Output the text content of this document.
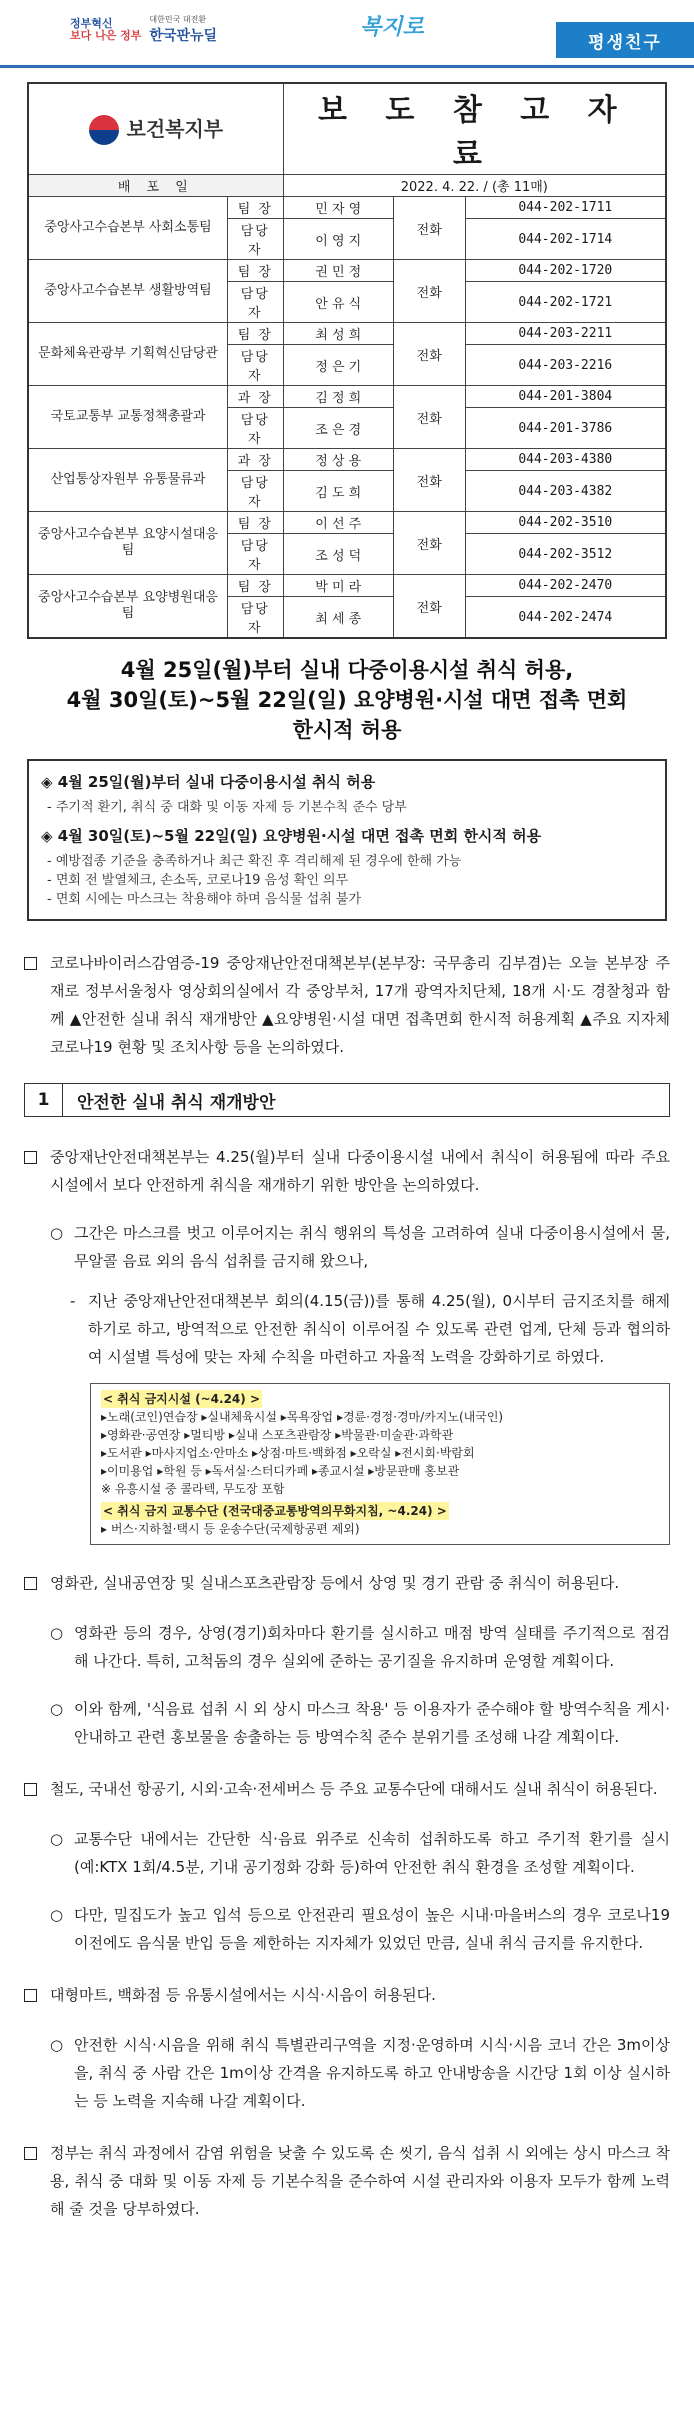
정부혁신
보다 나은 정부
대한민국 대전환
한국판뉴딜	복지로
평생친구
보건복지부		보 도 참 고 자 료		
배 포 일		2022. 4. 22. / (총 11매)		
중앙사고수습본부 사회소통팀	팀 장	민 자 영	전화	044-202-1711
	담당자	이 영 지		044-202-1714
중앙사고수습본부 생활방역팀	팀 장	권 민 정	전화	044-202-1720
	담당자	안 유 식		044-202-1721
문화체육관광부 기획혁신담당관	팀 장	최 성 희	전화	044-203-2211
	담당자	정 은 기		044-203-2216
국토교통부 교통정책총괄과	과 장	김 정 희	전화	044-201-3804
	담당자	조 은 경		044-201-3786
산업통상자원부 유통물류과	과 장	정 상 용	전화	044-203-4380
	담당자	김 도 희		044-203-4382
중앙사고수습본부 요양시설대응팀	팀 장	이 선 주	전화	044-202-3510
	담당자	조 성 덕		044-202-3512
중앙사고수습본부 요양병원대응팀	팀 장	박 미 라	전화	044-202-2470
	담당자	최 세 종		044-202-2474
4월 25일(월)부터 실내 다중이용시설 취식 허용,
4월 30일(토)~5월 22일(일) 요양병원·시설 대면 접촉 면회
한시적 허용
◈ 4월 25일(월)부터 실내 다중이용시설 취식 허용
- 주기적 환기, 취식 중 대화 및 이동 자제 등 기본수칙 준수 당부
◈ 4월 30일(토)~5월 22일(일) 요양병원·시설 대면 접촉 면회 한시적 허용
- 예방접종 기준을 충족하거나 최근 확진 후 격리해제 된 경우에 한해 가능
- 면회 전 발열체크, 손소독, 코로나19 음성 확인 의무
- 면회 시에는 마스크는 착용해야 하며 음식물 섭취 불가
코로나바이러스감염증-19 중앙재난안전대책본부(본부장: 국무총리 김부겸)는 오늘 본부장 주재로 정부서울청사 영상회의실에서 각 중앙부처, 17개 광역자치단체, 18개 시·도 경찰청과 함께 ▲안전한 실내 취식 재개방안 ▲요양병원·시설 대면 접촉면회 한시적 허용계획 ▲주요 지자체 코로나19 현황 및 조치사항 등을 논의하였다.
1	안전한 실내 취식 재개방안
중앙재난안전대책본부는 4.25(월)부터 실내 다중이용시설 내에서 취식이 허용됨에 따라 주요 시설에서 보다 안전하게 취식을 재개하기 위한 방안을 논의하였다.
○ 그간은 마스크를 벗고 이루어지는 취식 행위의 특성을 고려하여 실내 다중이용시설에서 물, 무알콜 음료 외의 음식 섭취를 금지해 왔으나,
- 지난 중앙재난안전대책본부 회의(4.15(금))를 통해 4.25(월), 0시부터 금지조치를 해제하기로 하고, 방역적으로 안전한 취식이 이루어질 수 있도록 관련 업계, 단체 등과 협의하여 시설별 특성에 맞는 자체 수칙을 마련하고 자율적 노력을 강화하기로 하였다.
< 취식 금지시설 (~4.24) >
▸노래(코인)연습장 ▸실내체육시설 ▸목욕장업 ▸경륜·경정·경마/카지노(내국인)
▸영화관·공연장 ▸멀티방 ▸실내 스포츠관람장 ▸박물관·미술관·과학관
▸도서관 ▸마사지업소·안마소 ▸상점·마트·백화점 ▸오락실 ▸전시회·박람회
▸이미용업 ▸학원 등 ▸독서실·스터디카페 ▸종교시설 ▸방문판매 홍보관
※ 유흥시설 중 콜라텍, 무도장 포함
< 취식 금지 교통수단 (전국대중교통방역의무화지침, ~4.24) >
▸ 버스·지하철·택시 등 운송수단(국제항공편 제외)
영화관, 실내공연장 및 실내스포츠관람장 등에서 상영 및 경기 관람 중 취식이 허용된다.
○ 영화관 등의 경우, 상영(경기)회차마다 환기를 실시하고 매점 방역 실태를 주기적으로 점검해 나간다. 특히, 고척돔의 경우 실외에 준하는 공기질을 유지하며 운영할 계획이다.
○ 이와 함께, '식음료 섭취 시 외 상시 마스크 착용' 등 이용자가 준수해야 할 방역수칙을 게시·안내하고 관련 홍보물을 송출하는 등 방역수칙 준수 분위기를 조성해 나갈 계획이다.
철도, 국내선 항공기, 시외·고속·전세버스 등 주요 교통수단에 대해서도 실내 취식이 허용된다.
○ 교통수단 내에서는 간단한 식·음료 위주로 신속히 섭취하도록 하고 주기적 환기를 실시(예:KTX 1회/4.5분, 기내 공기정화 강화 등)하여 안전한 취식 환경을 조성할 계획이다.
○ 다만, 밀집도가 높고 입석 등으로 안전관리 필요성이 높은 시내·마을버스의 경우 코로나19 이전에도 음식물 반입 등을 제한하는 지자체가 있었던 만큼, 실내 취식 금지를 유지한다.
대형마트, 백화점 등 유통시설에서는 시식·시음이 허용된다.
○ 안전한 시식·시음을 위해 취식 특별관리구역을 지정·운영하며 시식·시음 코너 간은 3m이상을, 취식 중 사람 간은 1m이상 간격을 유지하도록 하고 안내방송을 시간당 1회 이상 실시하는 등 노력을 지속해 나갈 계획이다.
정부는 취식 과정에서 감염 위험을 낮출 수 있도록 손 씻기, 음식 섭취 시 외에는 상시 마스크 착용, 취식 중 대화 및 이동 자제 등 기본수칙을 준수하여 시설 관리자와 이용자 모두가 함께 노력해 줄 것을 당부하였다.
